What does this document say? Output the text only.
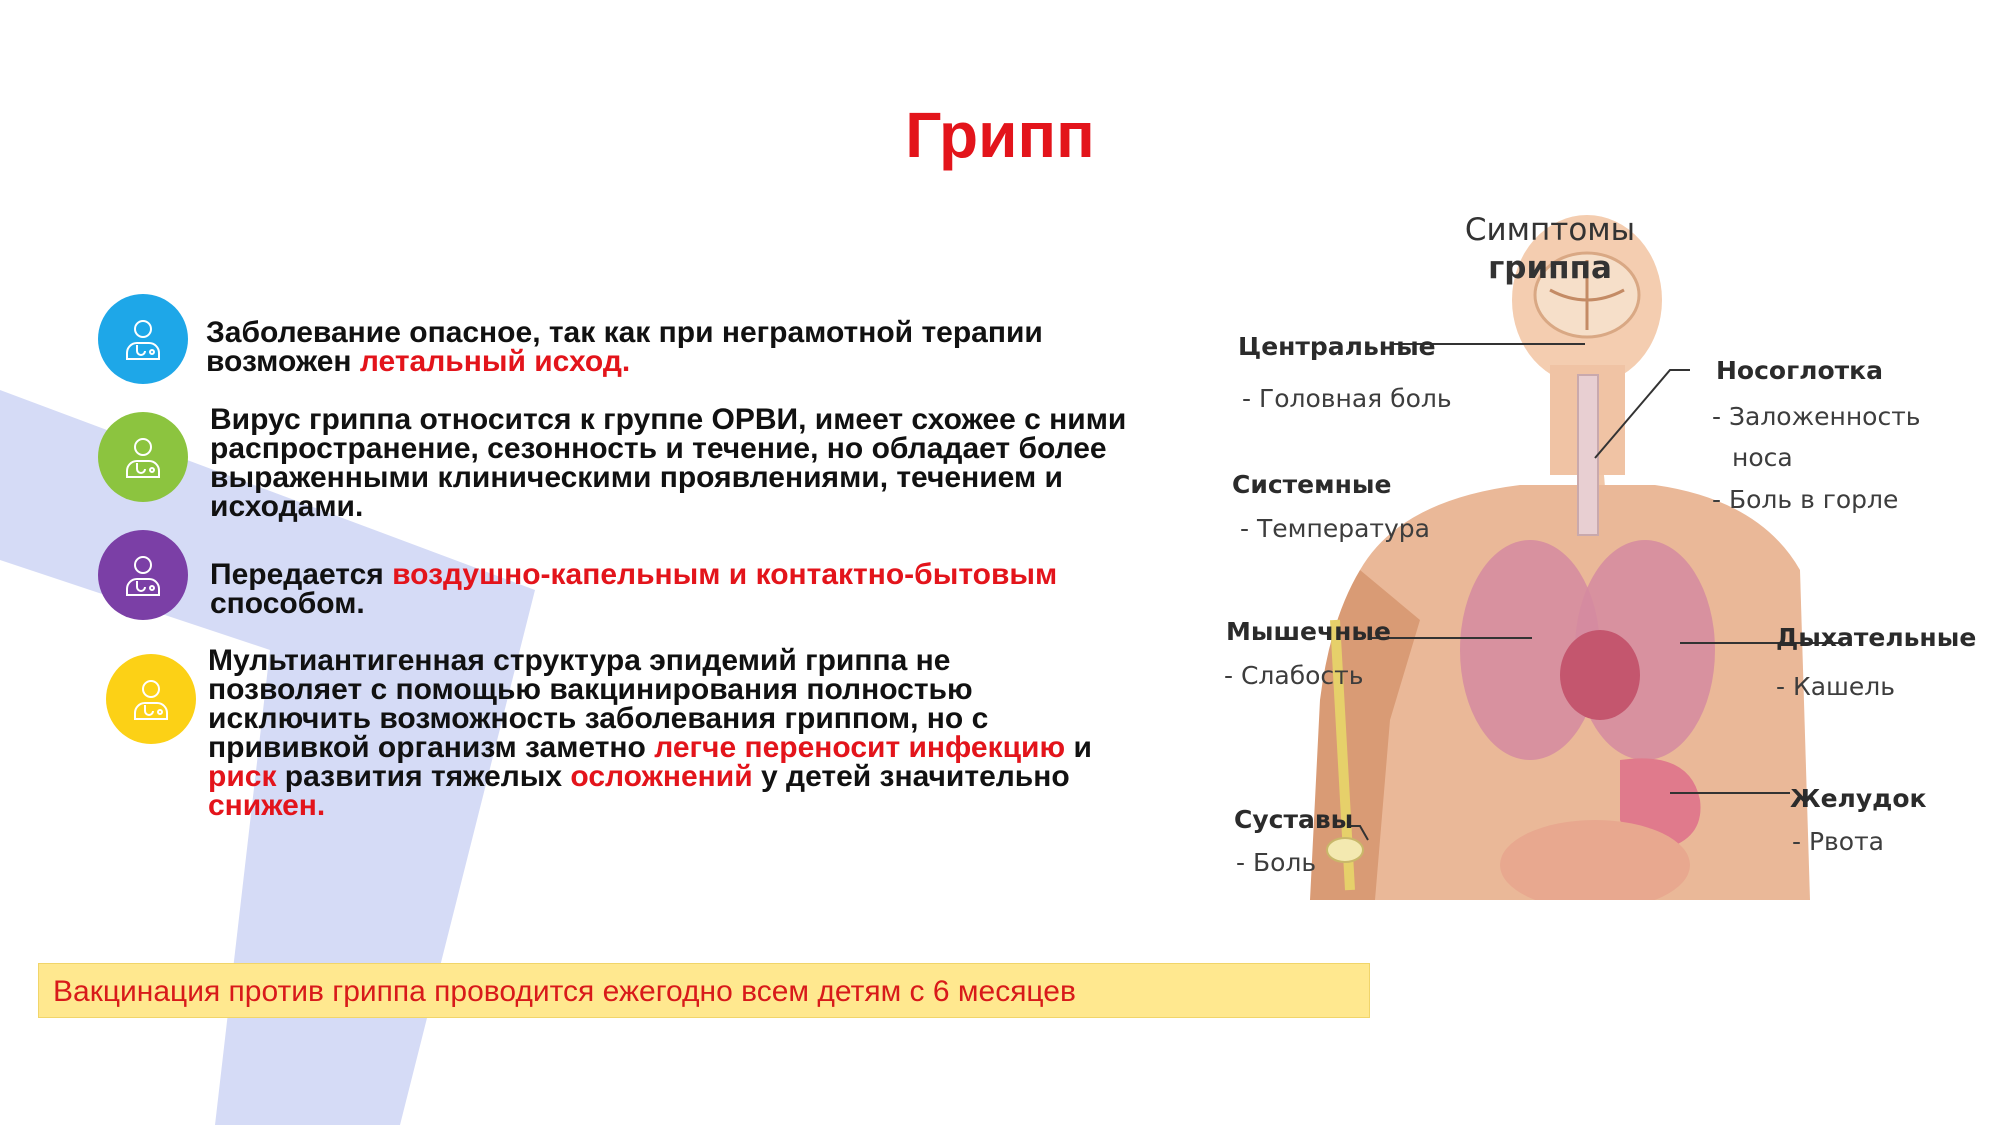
Грипп
Заболевание опасное, так как при неграмотной терапии возможен летальный исход.
Вирус гриппа относится к группе ОРВИ, имеет схожее с ними распространение, сезонность и течение, но обладает более выраженными клиническими проявлениями, течением и исходами.
Передается воздушно-капельным и контактно-бытовым способом.
Мультиантигенная структура эпидемий гриппа не позволяет с помощью вакцинирования полностью исключить возможность заболевания гриппом, но с прививкой организм заметно легче переносит инфекцию и риск развития тяжелых осложнений у детей значительно снижен.
Вакцинация против гриппа проводится ежегодно всем детям с 6 месяцев
Симптомы
гриппа
Центральные
- Головная боль
Системные
- Температура
Мышечные
- Слабость
Суставы
- Боль
Носоглотка
- Заложенность
носа
- Боль в горле
Дыхательные
- Кашель
Желудок
- Рвота
